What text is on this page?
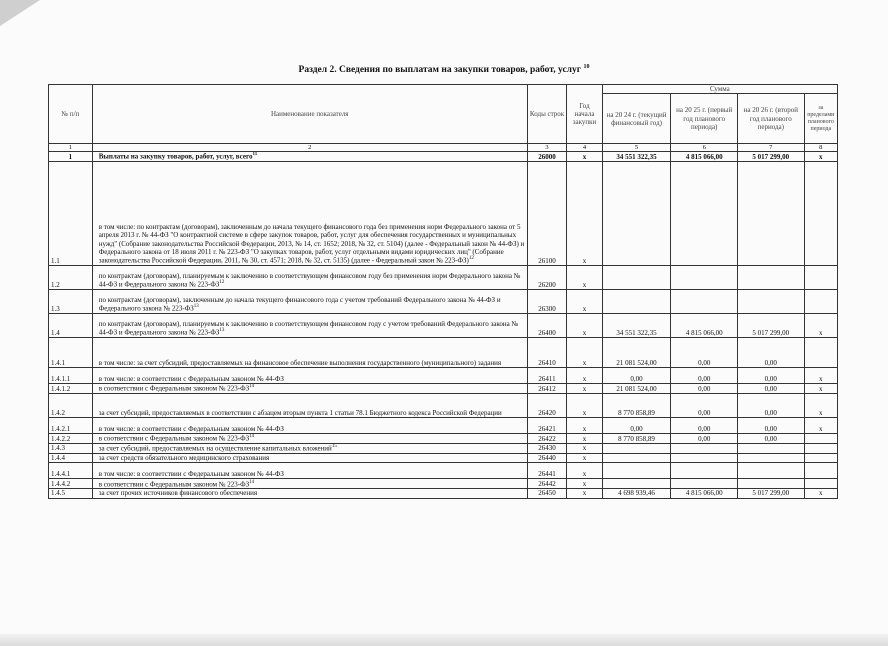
Раздел 2. Сведения по выплатам на закупки товаров, работ, услуг $^{10}$
№ п/п	Наименование показателя	Коды строк	Год начала закупки	Сумма			
				на 20 24 г. (текущий финансовый год)	на 20 25 г. (первый год планового периода)	на 20 26 г. (второй год планового периода)	за пределами планового периода
1	2	3	4	5	6	7	8
1	Выплаты на закупку товаров, работ, услуг, всего$^{11}$	26000	x	34 551 322,35	4 815 066,00	5 017 299,00	x
1.1	в том числе: по контрактам (договорам), заключенным до начала текущего финансового года без применения норм Федерального закона от 5 апреля 2013 г. № 44-ФЗ "О контрактной системе в сфере закупок товаров, работ, услуг для обеспечения государственных и муниципальных нужд" (Собрание законодательства Российской Федерации, 2013, № 14, ст. 1652; 2018, № 32, ст. 5104) (далее - Федеральный закон № 44-ФЗ) и Федерального закона от 18 июля 2011 г. № 223-ФЗ "О закупках товаров, работ, услуг отдельными видами юридических лиц" (Собрание законодательства Российской Федерации, 2011, № 30, ст. 4571; 2018, № 32, ст. 5135) (далее - Федеральный закон № 223-ФЗ)$^{12}$	26100	x				
1.2	по контрактам (договорам), планируемым к заключению в соответствующем финансовом году без применения норм Федерального закона № 44-ФЗ и Федерального закона № 223-ФЗ$^{12}$	26200	x				
1.3	по контрактам (договорам), заключенным до начала текущего финансового года с учетом требований Федерального закона № 44-ФЗ и Федерального закона № 223-ФЗ$^{13}$	26300	x				
1.4	по контрактам (договорам), планируемым к заключению в соответствующем финансовом году с учетом требований Федерального закона № 44-ФЗ и Федерального закона № 223-ФЗ$^{13}$	26400	x	34 551 322,35	4 815 066,00	5 017 299,00	x
1.4.1	в том числе: за счет субсидий, предоставляемых на финансовое обеспечение выполнения государственного (муниципального) задания	26410	x	21 081 524,00	0,00	0,00	
1.4.1.1	в том числе: в соответствии с Федеральным законом № 44-ФЗ	26411	x	0,00	0,00	0,00	x
1.4.1.2	в соответствии с Федеральным законом № 223-ФЗ$^{14}$	26412	x	21 081 524,00	0,00	0,00	x
1.4.2	за счет субсидий, предоставляемых в соответствии с абзацем вторым пункта 1 статьи 78.1 Бюджетного кодекса Российской Федерации	26420	x	8 770 858,89	0,00	0,00	x
1.4.2.1	в том числе: в соответствии с Федеральным законом № 44-ФЗ	26421	x	0,00	0,00	0,00	x
1.4.2.2	в соответствии с Федеральным законом № 223-ФЗ$^{14}$	26422	x	8 770 858,89	0,00	0,00	
1.4.3	за счет субсидий, предоставляемых на осуществление капитальных вложений$^{15}$	26430	x				
1.4.4	за счет средств обязательного медицинского страхования	26440	x				
1.4.4.1	в том числе: в соответствии с Федеральным законом № 44-ФЗ	26441	x				
1.4.4.2	в соответствии с Федеральным законом № 223-ФЗ$^{14}$	26442	x				
1.4.5	за счет прочих источников финансового обеспечения	26450	x	4 698 939,46	4 815 066,00	5 017 299,00	x
